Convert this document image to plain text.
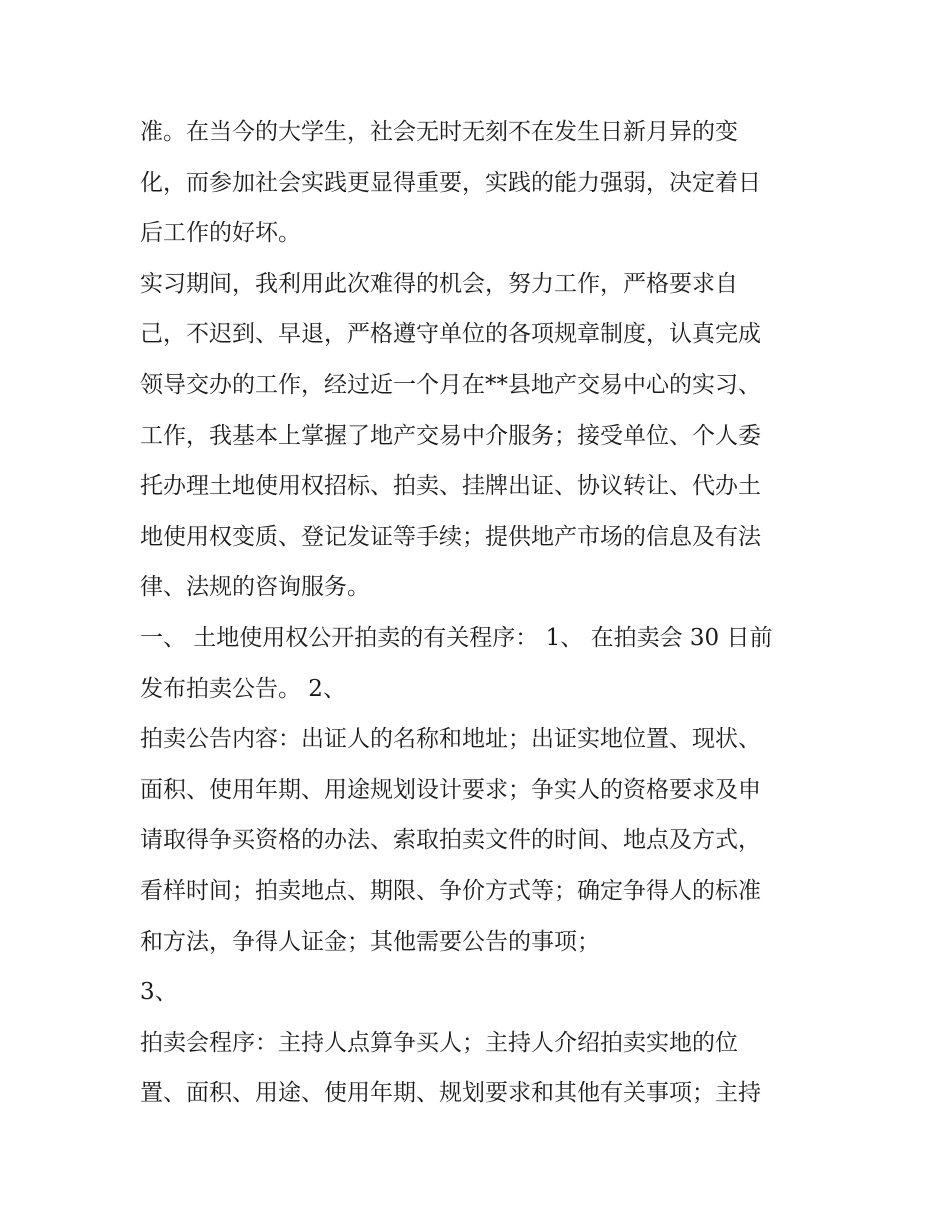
准。在当今的大学生，社会无时无刻不在发生日新月异的变
化，而参加社会实践更显得重要，实践的能力强弱，决定着日
后工作的好坏。
实习期间，我利用此次难得的机会，努力工作，严格要求自
己，不迟到、早退，严格遵守单位的各项规章制度，认真完成
领导交办的工作，经过近一个月在**县地产交易中心的实习、
工作，我基本上掌握了地产交易中介服务；接受单位、个人委
托办理土地使用权招标、拍卖、挂牌出证、协议转让、代办土
地使用权变质、登记发证等手续；提供地产市场的信息及有法
律、法规的咨询服务。
一、 土地使用权公开拍卖的有关程序： 1、 在拍卖会 30 日前
发布拍卖公告。 2、
拍卖公告内容：出证人的名称和地址；出证实地位置、现状、
面积、使用年期、用途规划设计要求；争实人的资格要求及申
请取得争买资格的办法、索取拍卖文件的时间、地点及方式，
看样时间；拍卖地点、期限、争价方式等；确定争得人的标准
和方法，争得人证金；其他需要公告的事项；
3、
拍卖会程序：主持人点算争买人；主持人介绍拍卖实地的位
置、面积、用途、使用年期、规划要求和其他有关事项；主持
